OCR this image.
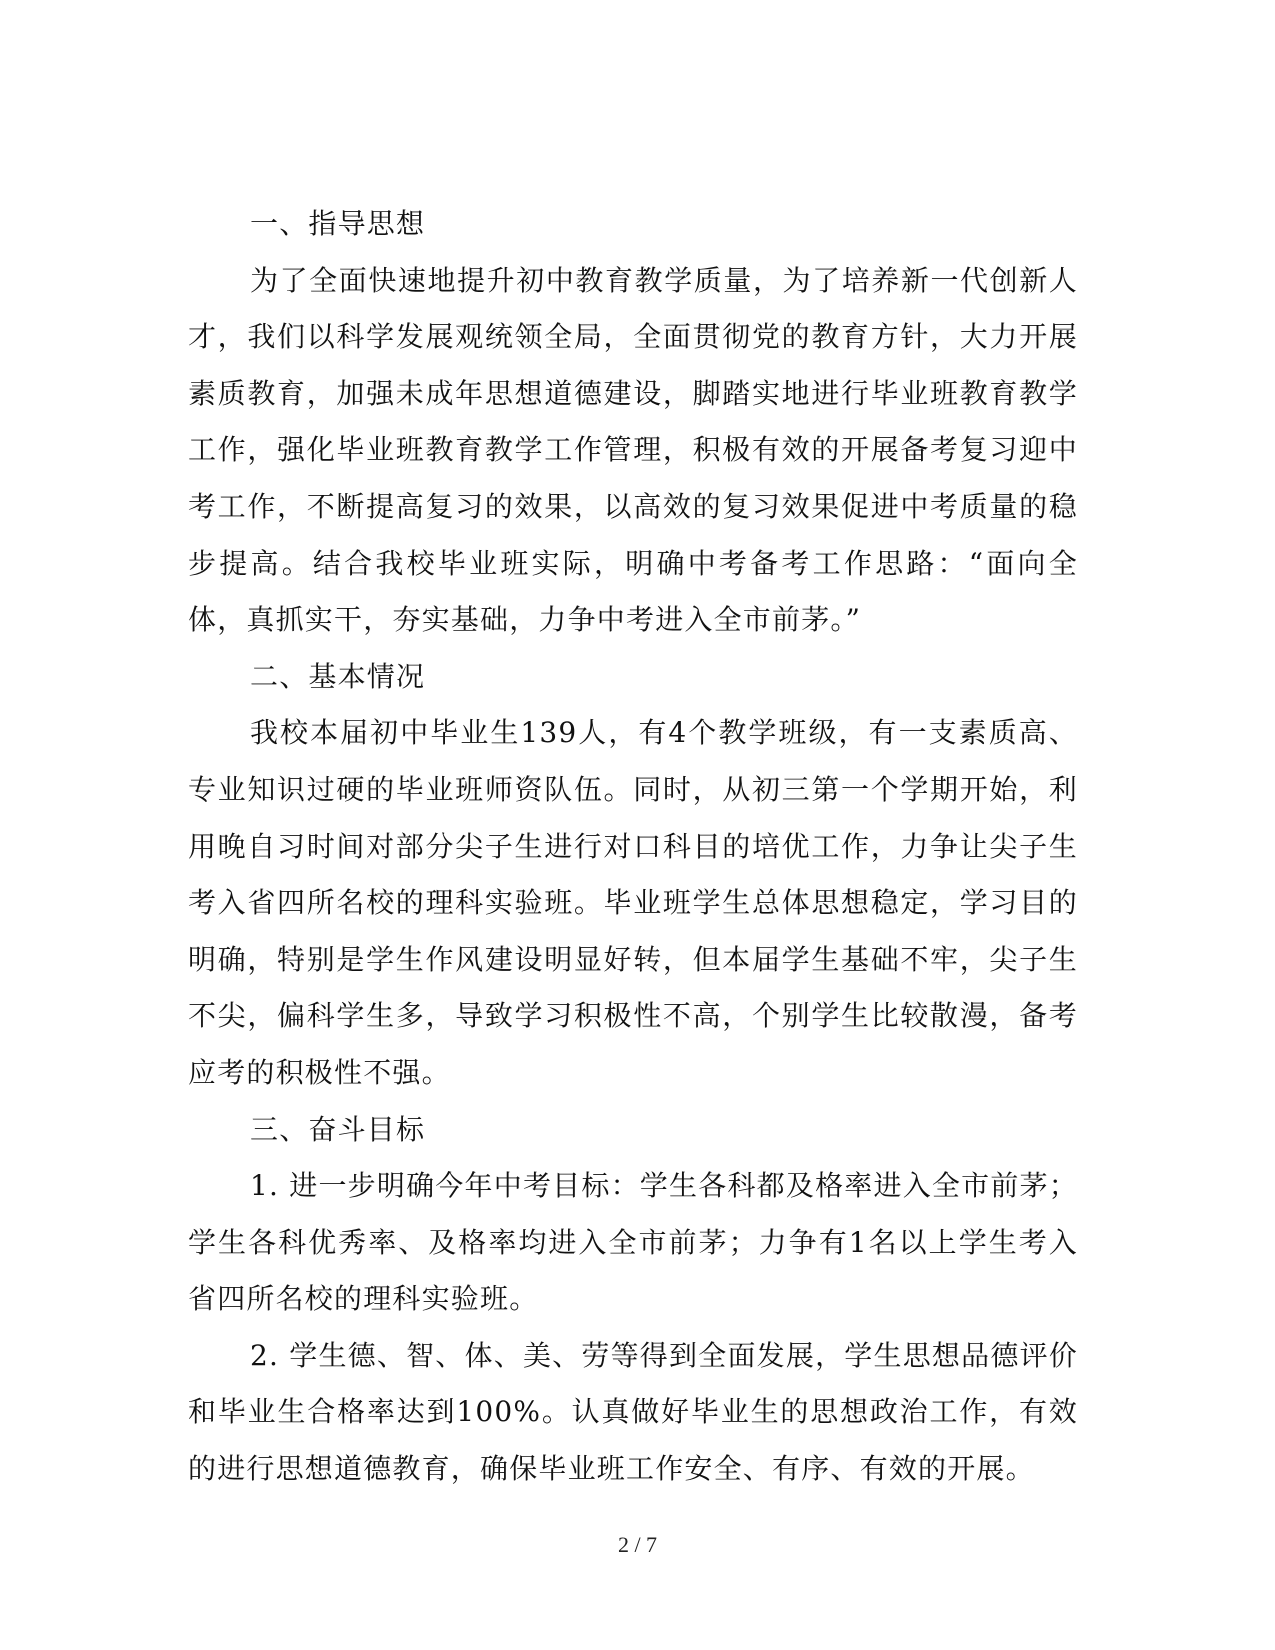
一、指导思想

为了全面快速地提升初中教育教学质量，为了培养新一代创新人才，我们以科学发展观统领全局，全面贯彻党的教育方针，大力开展素质教育，加强未成年思想道德建设，脚踏实地进行毕业班教育教学工作，强化毕业班教育教学工作管理，积极有效的开展备考复习迎中考工作，不断提高复习的效果，以高效的复习效果促进中考质量的稳步提高。结合我校毕业班实际，明确中考备考工作思路：“面向全体，真抓实干，夯实基础，力争中考进入全市前茅。”

二、基本情况

我校本届初中毕业生139人，有4个教学班级，有一支素质高、专业知识过硬的毕业班师资队伍。同时，从初三第一个学期开始，利用晚自习时间对部分尖子生进行对口科目的培优工作，力争让尖子生考入省四所名校的理科实验班。毕业班学生总体思想稳定，学习目的明确，特别是学生作风建设明显好转，但本届学生基础不牢，尖子生不尖，偏科学生多，导致学习积极性不高，个别学生比较散漫，备考应考的积极性不强。

三、奋斗目标

1. 进一步明确今年中考目标：学生各科都及格率进入全市前茅；学生各科优秀率、及格率均进入全市前茅；力争有1名以上学生考入省四所名校的理科实验班。

2. 学生德、智、体、美、劳等得到全面发展，学生思想品德评价和毕业生合格率达到100%。认真做好毕业生的思想政治工作，有效的进行思想道德教育，确保毕业班工作安全、有序、有效的开展。

2 / 7
